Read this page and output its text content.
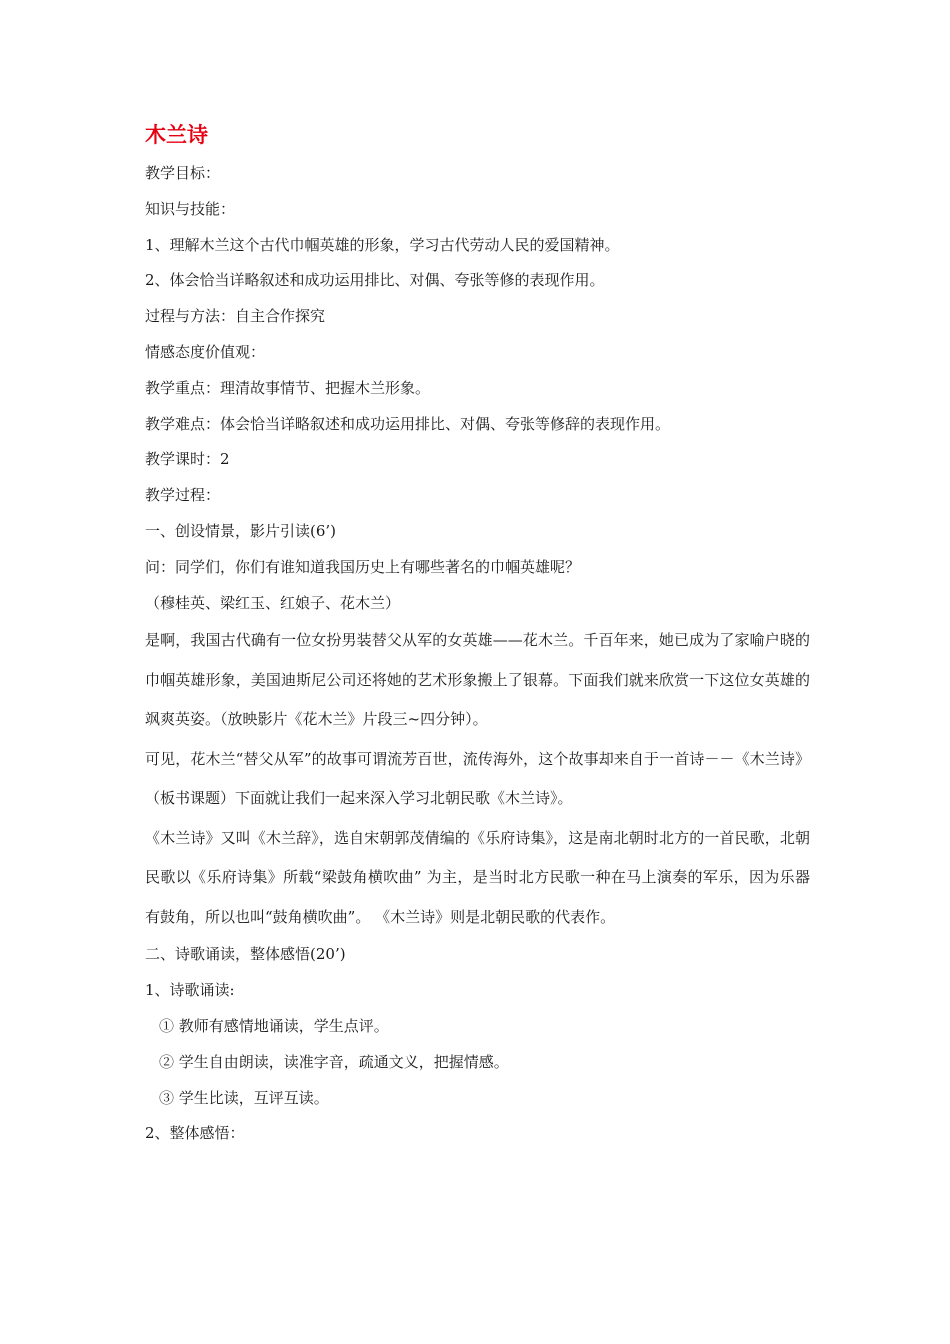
木兰诗

教学目标：

知识与技能：

1、理解木兰这个古代巾帼英雄的形象，学习古代劳动人民的爱国精神。

2、体会恰当详略叙述和成功运用排比、对偶、夸张等修的表现作用。

过程与方法：自主合作探究

情感态度价值观：

教学重点：理清故事情节、把握木兰形象。

教学难点：体会恰当详略叙述和成功运用排比、对偶、夸张等修辞的表现作用。

教学课时：2

教学过程：

一、创设情景，影片引读(6’)

问：同学们，你们有谁知道我国历史上有哪些著名的巾帼英雄呢？

（穆桂英、梁红玉、红娘子、花木兰）

是啊，我国古代确有一位女扮男装替父从军的女英雄——花木兰。千百年来，她已成为了家喻户晓的巾帼英雄形象，美国迪斯尼公司还将她的艺术形象搬上了银幕。下面我们就来欣赏一下这位女英雄的飒爽英姿。（放映影片《花木兰》片段三~四分钟）。

可见，花木兰“替父从军”的故事可谓流芳百世，流传海外，这个故事却来自于一首诗－－《木兰诗》（板书课题）下面就让我们一起来深入学习北朝民歌《木兰诗》。

《木兰诗》又叫《木兰辞》，选自宋朝郭茂倩编的《乐府诗集》，这是南北朝时北方的一首民歌，北朝民歌以《乐府诗集》所载“梁鼓角横吹曲” 为主，是当时北方民歌一种在马上演奏的军乐，因为乐器有鼓角，所以也叫“鼓角横吹曲”。 《木兰诗》则是北朝民歌的代表作。

二、诗歌诵读，整体感悟(20’)

1、诗歌诵读:

① 教师有感情地诵读，学生点评。

② 学生自由朗读，读准字音，疏通文义，把握情感。

③ 学生比读，互评互读。

2、整体感悟：
